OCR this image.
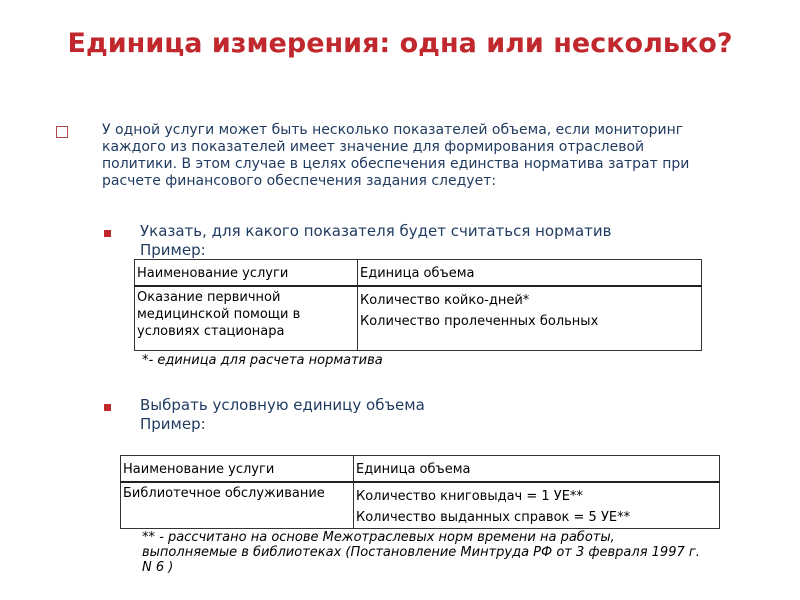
Единица измерения: одна или несколько?

У одной услуги может быть несколько показателей объема, если мониторинг каждого из показателей имеет значение для формирования отраслевой политики. В этом случае в целях обеспечения единства норматива затрат при расчете финансового обеспечения задания следует:

Указать, для какого показателя будет считаться норматив
Пример:
Наименование услуги	Единица объема
Оказание первичной медицинской помощи в условиях стационара	Количество койко-дней*
Количество пролеченных больных
*- единица для расчета норматива
Выбрать условную единицу объема
Пример:
Наименование услуги	Единица объема
Библиотечное обслуживание	Количество книговыдач = 1 УЕ**
Количество выданных справок = 5 УЕ**
** - рассчитано на основе Межотраслевых норм времени на работы, выполняемые в библиотеках (Постановление Минтруда РФ от 3 февраля 1997 г. N 6 )
